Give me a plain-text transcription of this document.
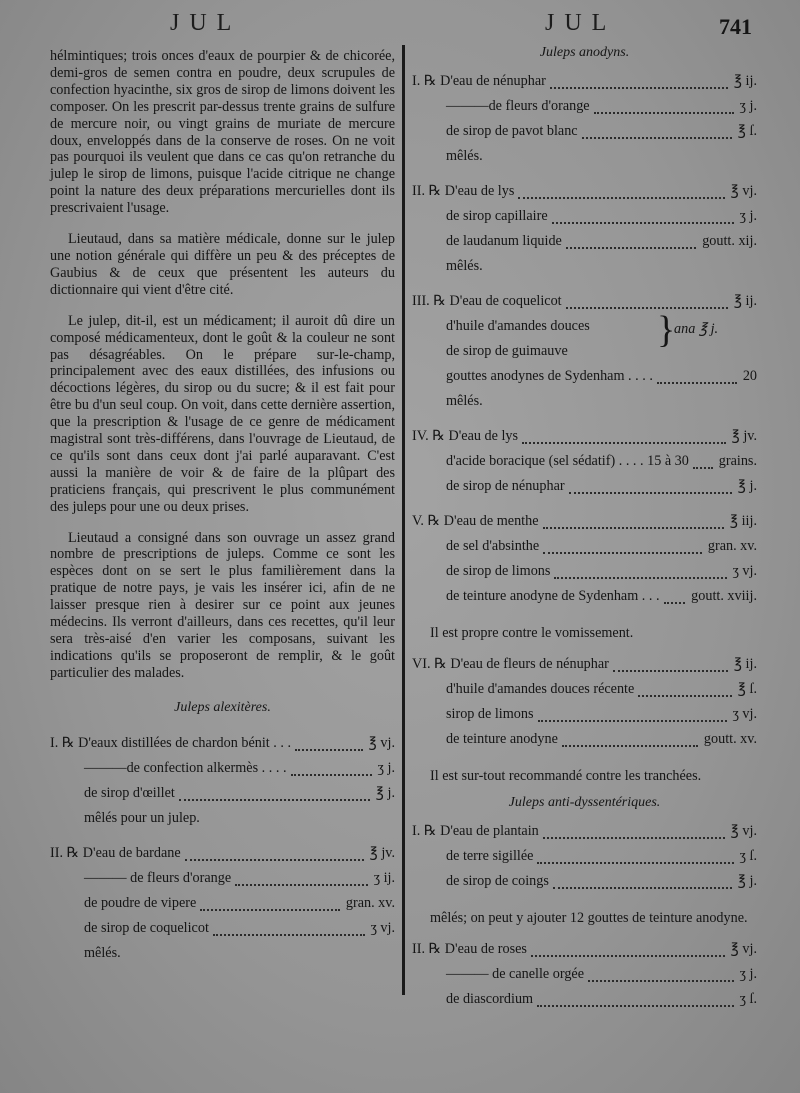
JUL	JUL	741

hélmintiques; trois onces d'eaux de pourpier & de chicorée, demi-gros de semen contra en poudre, deux scrupules de confection hyacinthe, six gros de sirop de limons doivent les composer. On les prescrit par-dessus trente grains de sulfure de mercure noir, ou vingt grains de muriate de mercure doux, enveloppés dans de la conserve de roses. On ne voit pas pourquoi ils veulent que dans ce cas qu'on retranche du julep le sirop de limons, puisque l'acide citrique ne change point la nature des deux préparations mercurielles dont ils prescrivaient l'usage.

Lieutaud, dans sa matière médicale, donne sur le julep une notion générale qui diffère un peu & des préceptes de Gaubius & de ceux que présentent les auteurs du dictionnaire qui vient d'être cité.

Le julep, dit-il, est un médicament; il auroit dû dire un composé médicamenteux, dont le goût & la couleur ne sont pas désagréables. On le prépare sur-le-champ, principalement avec des eaux distillées, des infusions ou décoctions légères, du sirop ou du sucre; & il est fait pour être bu d'un seul coup. On voit, dans cette dernière assertion, que la prescription & l'usage de ce genre de médicament magistral sont très-différens, dans l'ouvrage de Lieutaud, de ce qu'ils sont dans ceux dont j'ai parlé auparavant. C'est aussi la manière de voir & de faire de la plûpart des praticiens français, qui prescrivent le plus communément des juleps pour une ou deux prises.

Lieutaud a consigné dans son ouvrage un assez grand nombre de prescriptions de juleps. Comme ce sont les espèces dont on se sert le plus familièrement dans la pratique de notre pays, je vais les insérer ici, afin de ne laisser presque rien à desirer sur ce point aux jeunes médecins. Ils verront d'ailleurs, dans ces recettes, qu'il leur sera très-aisé d'en varier les composans, suivant les indications qu'ils se proposeront de remplir, & le goût particulier des malades.

Juleps alexitères.
I. ℞ D'eaux distillées de chardon bénit . . .	℥ vj.
———de confection alkermès . . . .	ʒ j.
de sirop d'œillet	℥ j.
mêlés pour un julep.
II. ℞ D'eau de bardane	℥ jv.
——— de fleurs d'orange	ʒ ij.
de poudre de vipere	gran. xv.
de sirop de coquelicot	ʒ vj.
mêlés.
Juleps anodyns.
I. ℞ D'eau de nénuphar	℥ ij.
———de fleurs d'orange	ʒ j.
de sirop de pavot blanc	℥ ſ.
mêlés.
II. ℞ D'eau de lys	℥ vj.
de sirop capillaire	ʒ j.
de laudanum liquide	goutt. xij.
mêlés.
III. ℞ D'eau de coquelicot	℥ ij.
d'huile d'amandes douces
de sirop de guimauve
gouttes anodynes de Sydenham . . . .	20
mêlés.
}
ana ℥ j.
IV. ℞ D'eau de lys	℥ jv.
d'acide boracique (sel sédatif) . . . . 15 à 30 grains.
de sirop de nénuphar	℥ j.
V. ℞ D'eau de menthe	℥ iij.
de sel d'absinthe	gran. xv.
de sirop de limons	ʒ vj.
de teinture anodyne de Sydenham . . . goutt. xviij.
Il est propre contre le vomissement.
VI. ℞ D'eau de fleurs de nénuphar	℥ ij.
d'huile d'amandes douces récente	℥ ſ.
sirop de limons	ʒ vj.
de teinture anodyne	goutt. xv.
Il est sur-tout recommandé contre les tranchées.
Juleps anti-dyssentériques.
I. ℞ D'eau de plantain	℥ vj.
de terre sigillée	ʒ ſ.
de sirop de coings	℥ j.
mêlés; on peut y ajouter 12 gouttes de teinture anodyne.
II. ℞ D'eau de roses	℥ vj.
——— de canelle orgée	ʒ j.
de diascordium	ʒ ſ.
